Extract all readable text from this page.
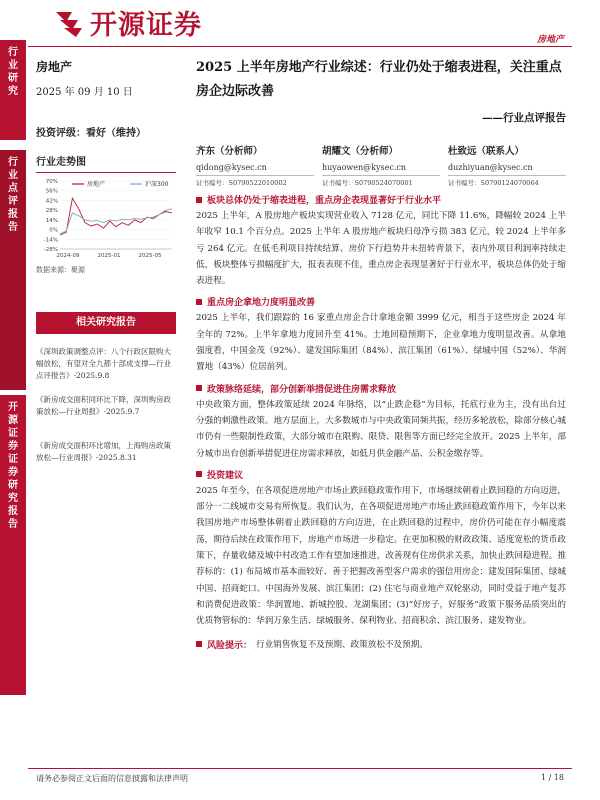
开源证券	房地产
行业研究
行业点评报告
开源证券 证券研究报告
房地产
2025 年 09 月 10 日
投资评级：看好（维持）
行业走势图
-28%
-14%
0%
14%
28%
42%
56%
70%
2024-09	2025-01	2025-05
房地产	沪深300
数据来源：聚源
相关研究报告
《深圳政策调整点评：八个行政区限购大幅放松，有望对全九都十部成支撑—行业点评报告》-2025.9.8
《新房成交面积同环比下降，深圳购房政策放松—行业周报》-2025.9.7
《新房成交面积环比增加，上海购房政策放松—行业周报》-2025.8.31
2025 上半年房地产行业综述：行业仍处于缩表进程，关注重点房企边际改善
——行业点评报告
齐东（分析师）
qidong@kysec.cn
证书编号：S0790522010002
胡耀文（分析师）
huyaowen@kysec.cn
证书编号：S0790524070001
杜致远（联系人）
duzhiyuan@kysec.cn
证书编号：S0790124070064
板块总体仍处于缩表进程，重点房企表现显著好于行业水平
2025 上半年，A 股房地产板块实现营业收入 7128 亿元，同比下降 11.6%，降幅较 2024 上半年收窄 10.1 个百分点。2025 上半年 A 股房地产板块归母净亏损 383 亿元，较 2024 上半年多亏 264 亿元。在低毛利项目持续结算、房价下行趋势并未扭转背景下，表内外项目利润率持续走低，板块整体亏损幅度扩大，报表表现不佳，重点房企表现显著好于行业水平，板块总体仍处于缩表进程。
重点房企拿地力度明显改善
2025 上半年，我们跟踪的 16 家重点房企合计拿地金额 3999 亿元，相当于这些房企 2024 年全年的 72%。上半年拿地力度回升至 41%。土地回稳预期下，企业拿地力度明显改善。从拿地强度看，中国金茂（92%）、建发国际集团（84%）、滨江集团（61%）、绿城中国（52%）、华润置地（43%）位居前列。
政策脉络延续，部分创新举措促进住房需求释放
中央政策方面，整体政策延续 2024 年脉络，以“止跌企稳”为目标，托底行业为主，没有出台过分强的刺激性政策。地方层面上，大多数城市与中央政策同频共振，经历多轮放松，除部分核心城市仍有一些限制性政策，大部分城市在限购、限贷、限售等方面已经完全放开。2025 上半年，部分城市出台创新举措促进住房需求释放，如低月供金融产品、公积金缴存等。
投资建议
2025 年至今，在各项促进房地产市场止跌回稳政策作用下，市场继续朝着止跌回稳的方向迈进，部分一二线城市交易有所恢复。我们认为，在各项促进房地产市场止跌回稳政策作用下，今年以来我国房地产市场整体朝着止跌回稳的方向迈进，在止跌回稳的过程中，房价仍可能在存小幅度震荡，期待后续在政策作用下，房地产市场进一步稳定。在更加积极的财政政策、适度宽松的货币政策下，存量收储及城中村改造工作有望加速推进，改善现有住房供求关系，加快止跌回稳进程。推荐标的：(1) 布局城市基本面较好、善于把握改善型客户需求的强信用房企：建发国际集团、绿城中国、招商蛇口、中国海外发展、滨江集团；(2) 住宅与商业地产双轮驱动，同时受益于地产复苏和消费促进政策：华润置地、新城控股、龙湖集团；(3)“好房子，好服务”政策下服务品质突出的优质物管标的：华润万象生活、绿城服务、保利物业、招商积余、滨江服务、建发物业。
风险提示： 行业销售恢复不及预期、政策放松不及预期。
请务必参阅正文后面的信息披露和法律声明	1 / 18
